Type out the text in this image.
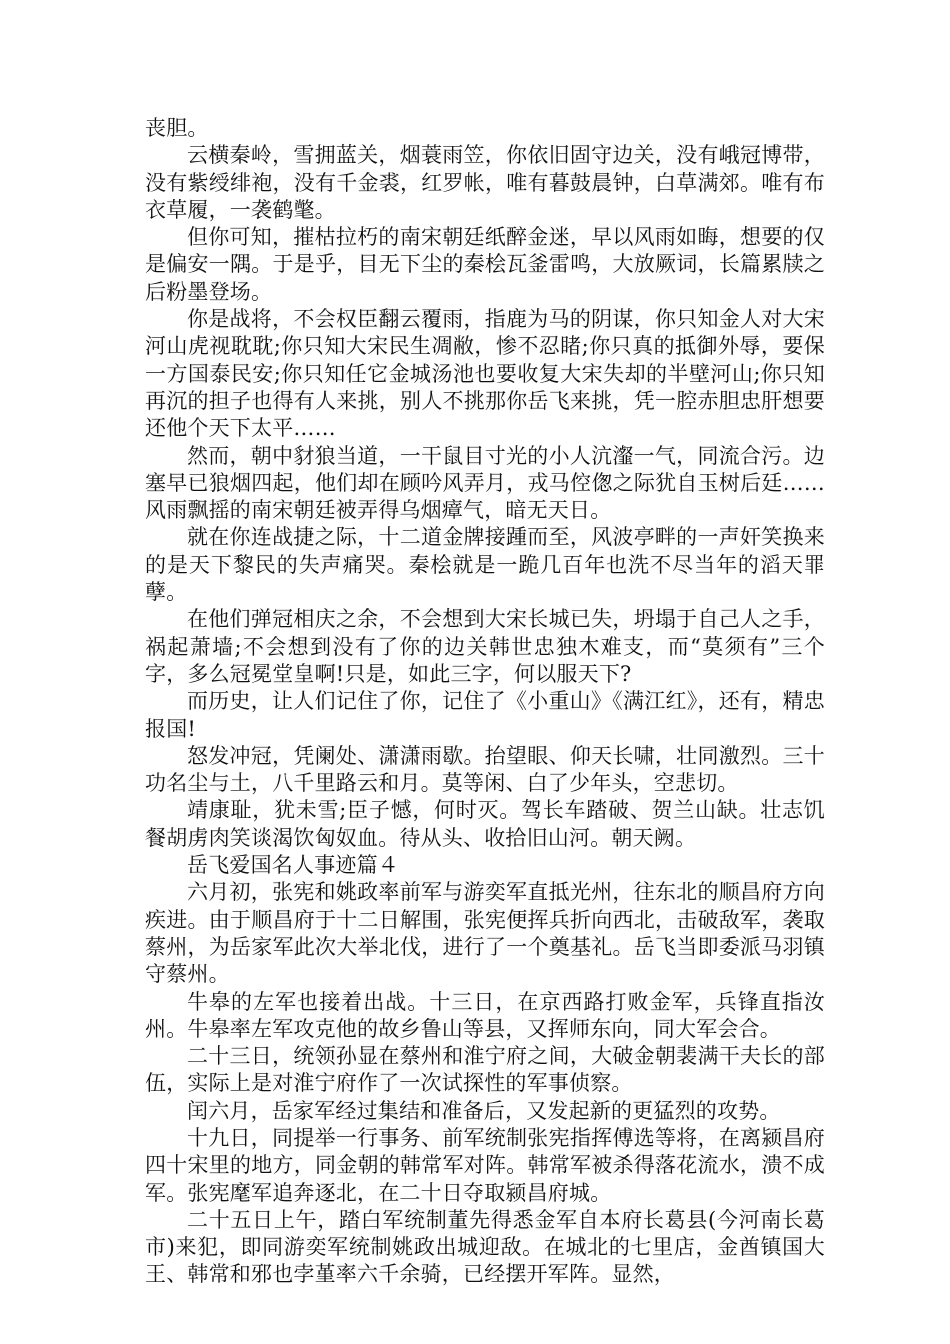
丧胆。

云横秦岭，雪拥蓝关，烟蓑雨笠，你依旧固守边关，没有峨冠博带，没有紫绶绯袍，没有千金裘，红罗帐，唯有暮鼓晨钟，白草满郊。唯有布衣草履，一袭鹤氅。

但你可知，摧枯拉朽的南宋朝廷纸醉金迷，早以风雨如晦，想要的仅是偏安一隅。于是乎，目无下尘的秦桧瓦釜雷鸣，大放厥词，长篇累牍之后粉墨登场。

你是战将，不会权臣翻云覆雨，指鹿为马的阴谋，你只知金人对大宋河山虎视耽耽;你只知大宋民生凋敝，惨不忍睹;你只真的抵御外辱，要保一方国泰民安;你只知任它金城汤池也要收复大宋失却的半壁河山;你只知再沉的担子也得有人来挑，别人不挑那你岳飞来挑，凭一腔赤胆忠肝想要还他个天下太平……

然而，朝中豺狼当道，一干鼠目寸光的小人沆瀣一气，同流合污。边塞早已狼烟四起，他们却在顾吟风弄月，戎马倥偬之际犹自玉树后廷……风雨飘摇的南宋朝廷被弄得乌烟瘴气，暗无天日。

就在你连战捷之际，十二道金牌接踵而至，风波亭畔的一声奸笑换来的是天下黎民的失声痛哭。秦桧就是一跪几百年也洗不尽当年的滔天罪孽。

在他们弹冠相庆之余，不会想到大宋长城已失，坍塌于自己人之手，祸起萧墙;不会想到没有了你的边关韩世忠独木难支，而“莫须有”三个字，多么冠冕堂皇啊!只是，如此三字，何以服天下?

而历史，让人们记住了你，记住了《小重山》《满江红》，还有，精忠报国!

怒发冲冠，凭阑处、潇潇雨歇。抬望眼、仰天长啸，壮同激烈。三十功名尘与土，八千里路云和月。莫等闲、白了少年头，空悲切。

靖康耻，犹未雪;臣子憾，何时灭。驾长车踏破、贺兰山缺。壮志饥餐胡虏肉笑谈渴饮匈奴血。待从头、收拾旧山河。朝天阙。

岳飞爱国名人事迹篇４

六月初，张宪和姚政率前军与游奕军直抵光州，往东北的顺昌府方向疾进。由于顺昌府于十二日解围，张宪便挥兵折向西北，击破敌军，袭取蔡州，为岳家军此次大举北伐，进行了一个奠基礼。岳飞当即委派马羽镇守蔡州。

牛皋的左军也接着出战。十三日，在京西路打败金军，兵锋直指汝州。牛皋率左军攻克他的故乡鲁山等县，又挥师东向，同大军会合。

二十三日，统领孙显在蔡州和淮宁府之间，大破金朝裴满干夫长的部伍，实际上是对淮宁府作了一次试探性的军事侦察。

闰六月，岳家军经过集结和准备后，又发起新的更猛烈的攻势。

十九日，同提举一行事务、前军统制张宪指挥傅选等将，在离颍昌府四十宋里的地方，同金朝的韩常军对阵。韩常军被杀得落花流水，溃不成军。张宪麾军追奔逐北，在二十日夺取颍昌府城。

二十五日上午，踏白军统制董先得悉金军自本府长葛县(今河南长葛市)来犯，即同游奕军统制姚政出城迎敌。在城北的七里店，金酋镇国大王、韩常和邪也孛堇率六千余骑，已经摆开军阵。显然，
